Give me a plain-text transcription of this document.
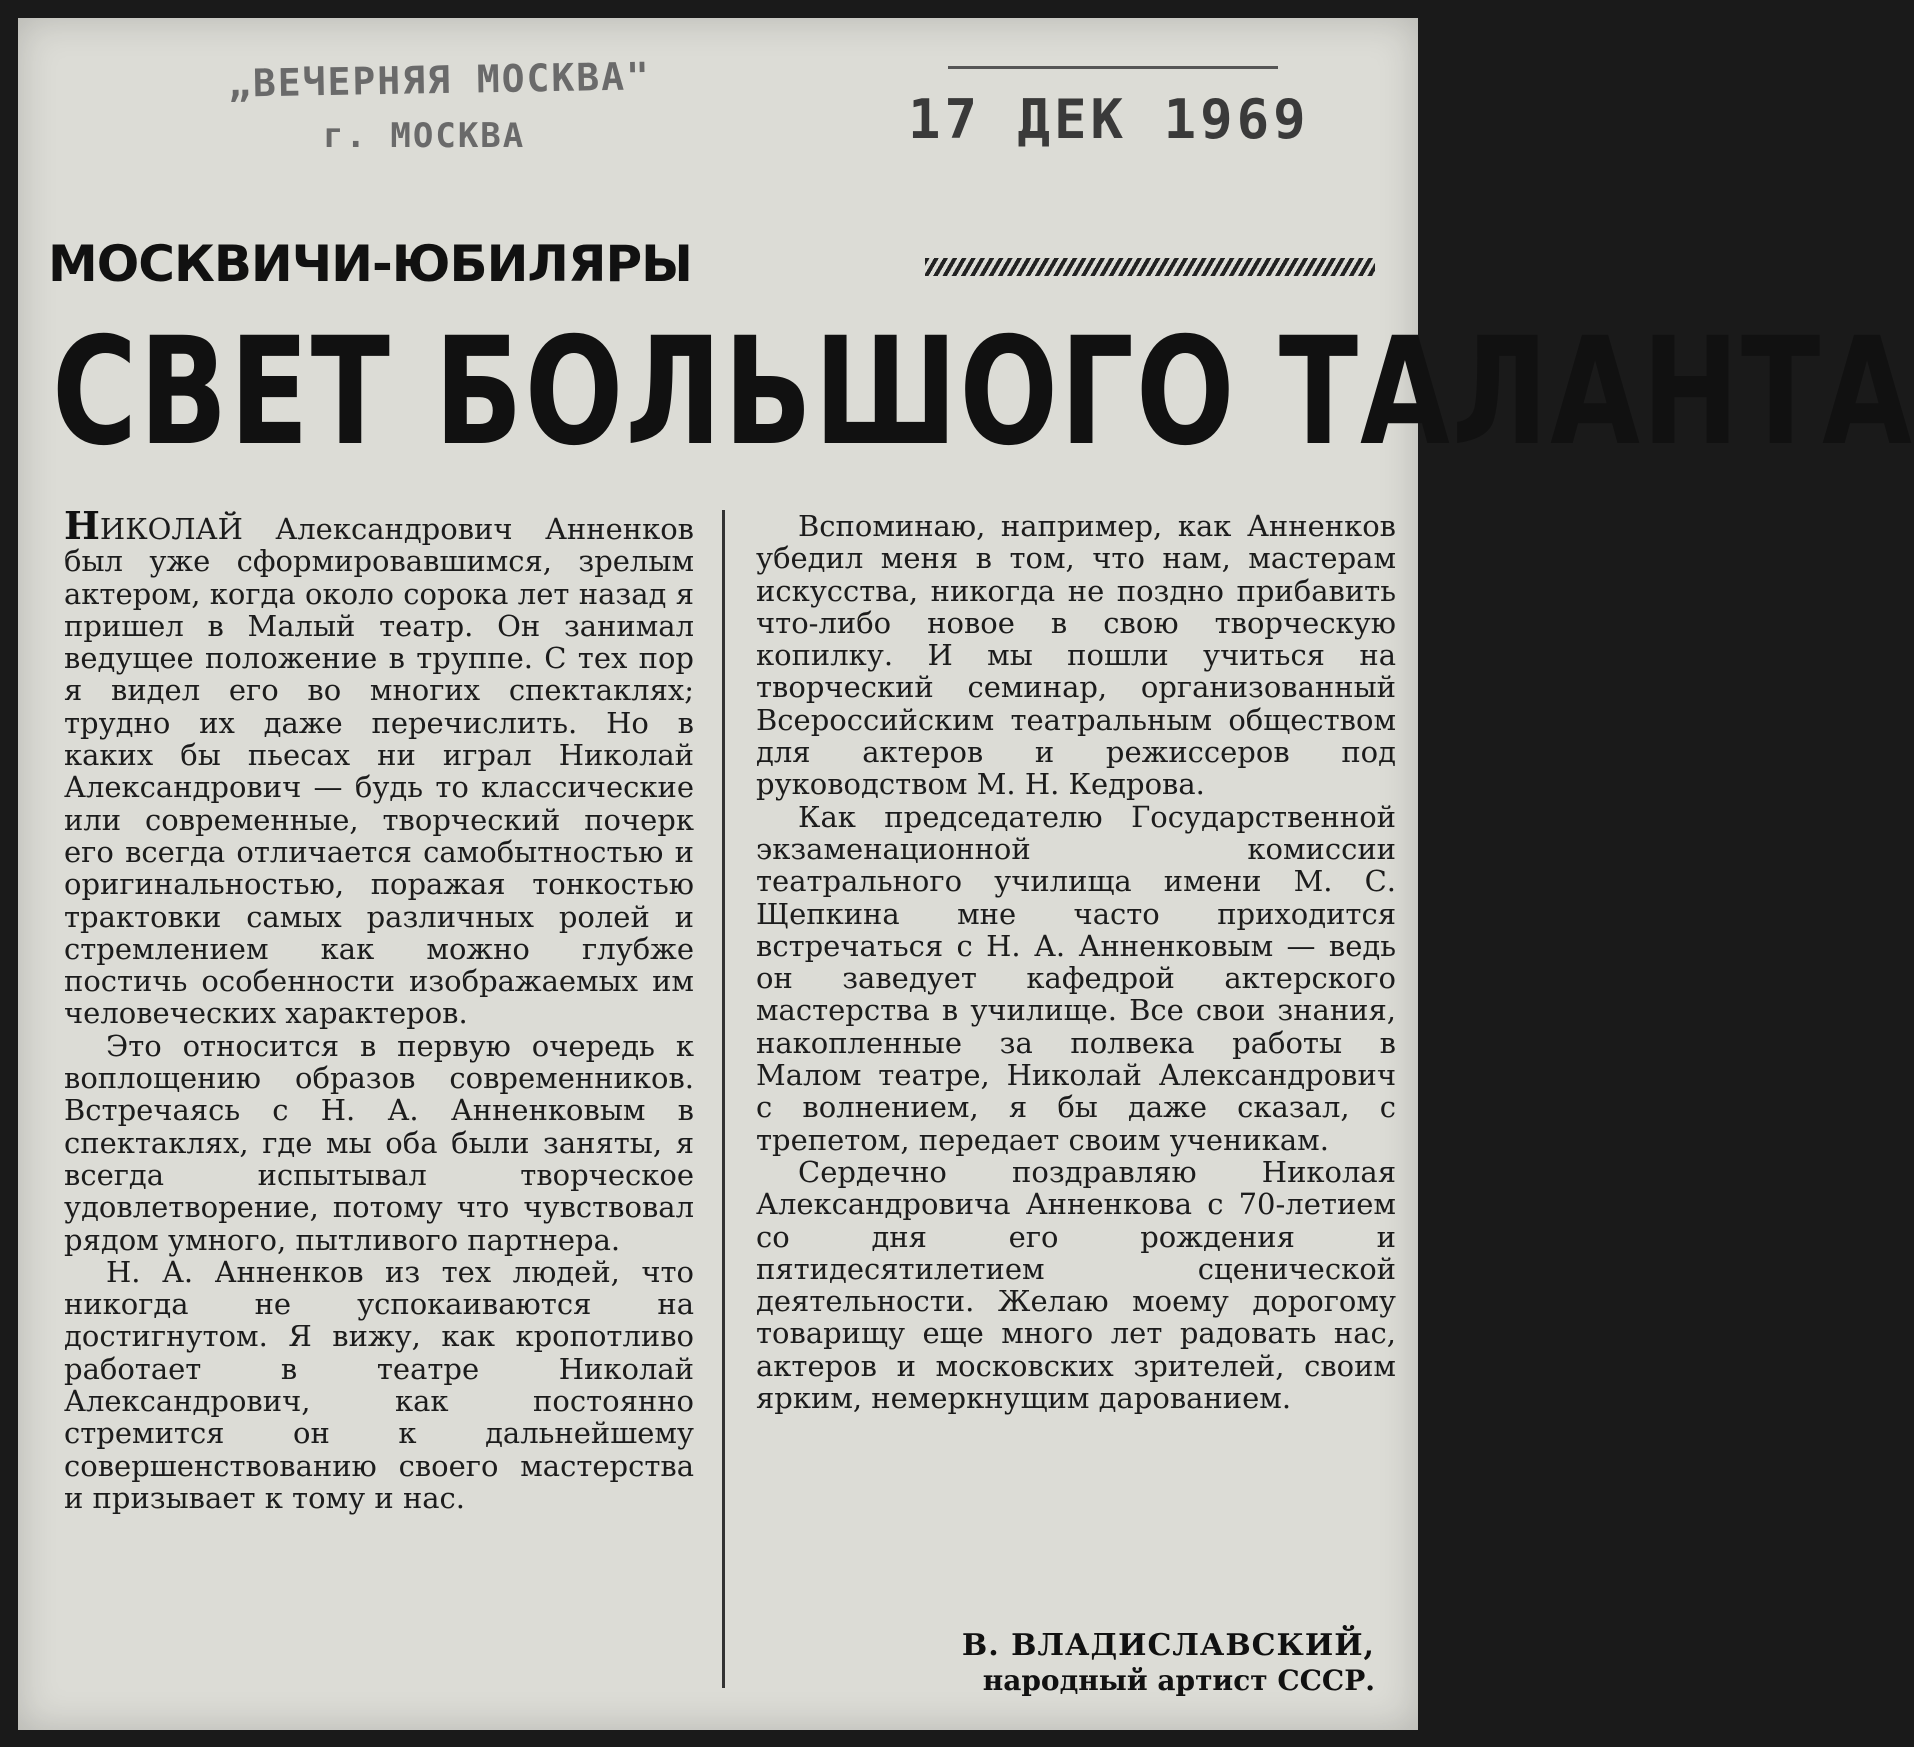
„ВЕЧЕРНЯЯ МОСКВА"
г. МОСКВА	17 ДЕК 1969
МОСКВИЧИ-ЮБИЛЯРЫ
СВЕТ БОЛЬШОГО ТАЛАНТА

НИКОЛАЙ Александрович Анненков был уже сформировавшимся, зрелым актером, когда около сорока лет назад я пришел в Малый театр. Он занимал ведущее положение в труппе. С тех пор я видел его во многих спектаклях; трудно их даже перечислить. Но в каких бы пьесах ни играл Николай Александрович — будь то классические или современные, творческий почерк его всегда отличается самобытностью и оригинальностью, поражая тонкостью трактовки самых различных ролей и стремлением как можно глубже постичь особенности изображаемых им человеческих характеров.

Это относится в первую очередь к воплощению образов современников. Встречаясь с Н. А. Анненковым в спектаклях, где мы оба были заняты, я всегда испытывал творческое удовлетворение, потому что чувствовал рядом умного, пытливого партнера.

Н. А. Анненков из тех людей, что никогда не успокаиваются на достигнутом. Я вижу, как кропотливо работает в театре Николай Александрович, как постоянно стремится он к дальнейшему совершенствованию своего мастерства и призывает к тому и нас.

Вспоминаю, например, как Анненков убедил меня в том, что нам, мастерам искусства, никогда не поздно прибавить что-либо новое в свою творческую копилку. И мы пошли учиться на творческий семинар, организованный Всероссийским театральным обществом для актеров и режиссеров под руководством М. Н. Кедрова.

Как председателю Государственной экзаменационной комиссии театрального училища имени М. С. Щепкина мне часто приходится встречаться с Н. А. Анненковым — ведь он заведует кафедрой актерского мастерства в училище. Все свои знания, накопленные за полвека работы в Малом театре, Николай Александрович с волнением, я бы даже сказал, с трепетом, передает своим ученикам.

Сердечно поздравляю Николая Александровича Анненкова с 70-летием со дня его рождения и пятидесятилетием сценической деятельности. Желаю моему дорогому товарищу еще много лет радовать нас, актеров и московских зрителей, своим ярким, немеркнущим дарованием.

В. ВЛАДИСЛАВСКИЙ,
народный артист СССР.
